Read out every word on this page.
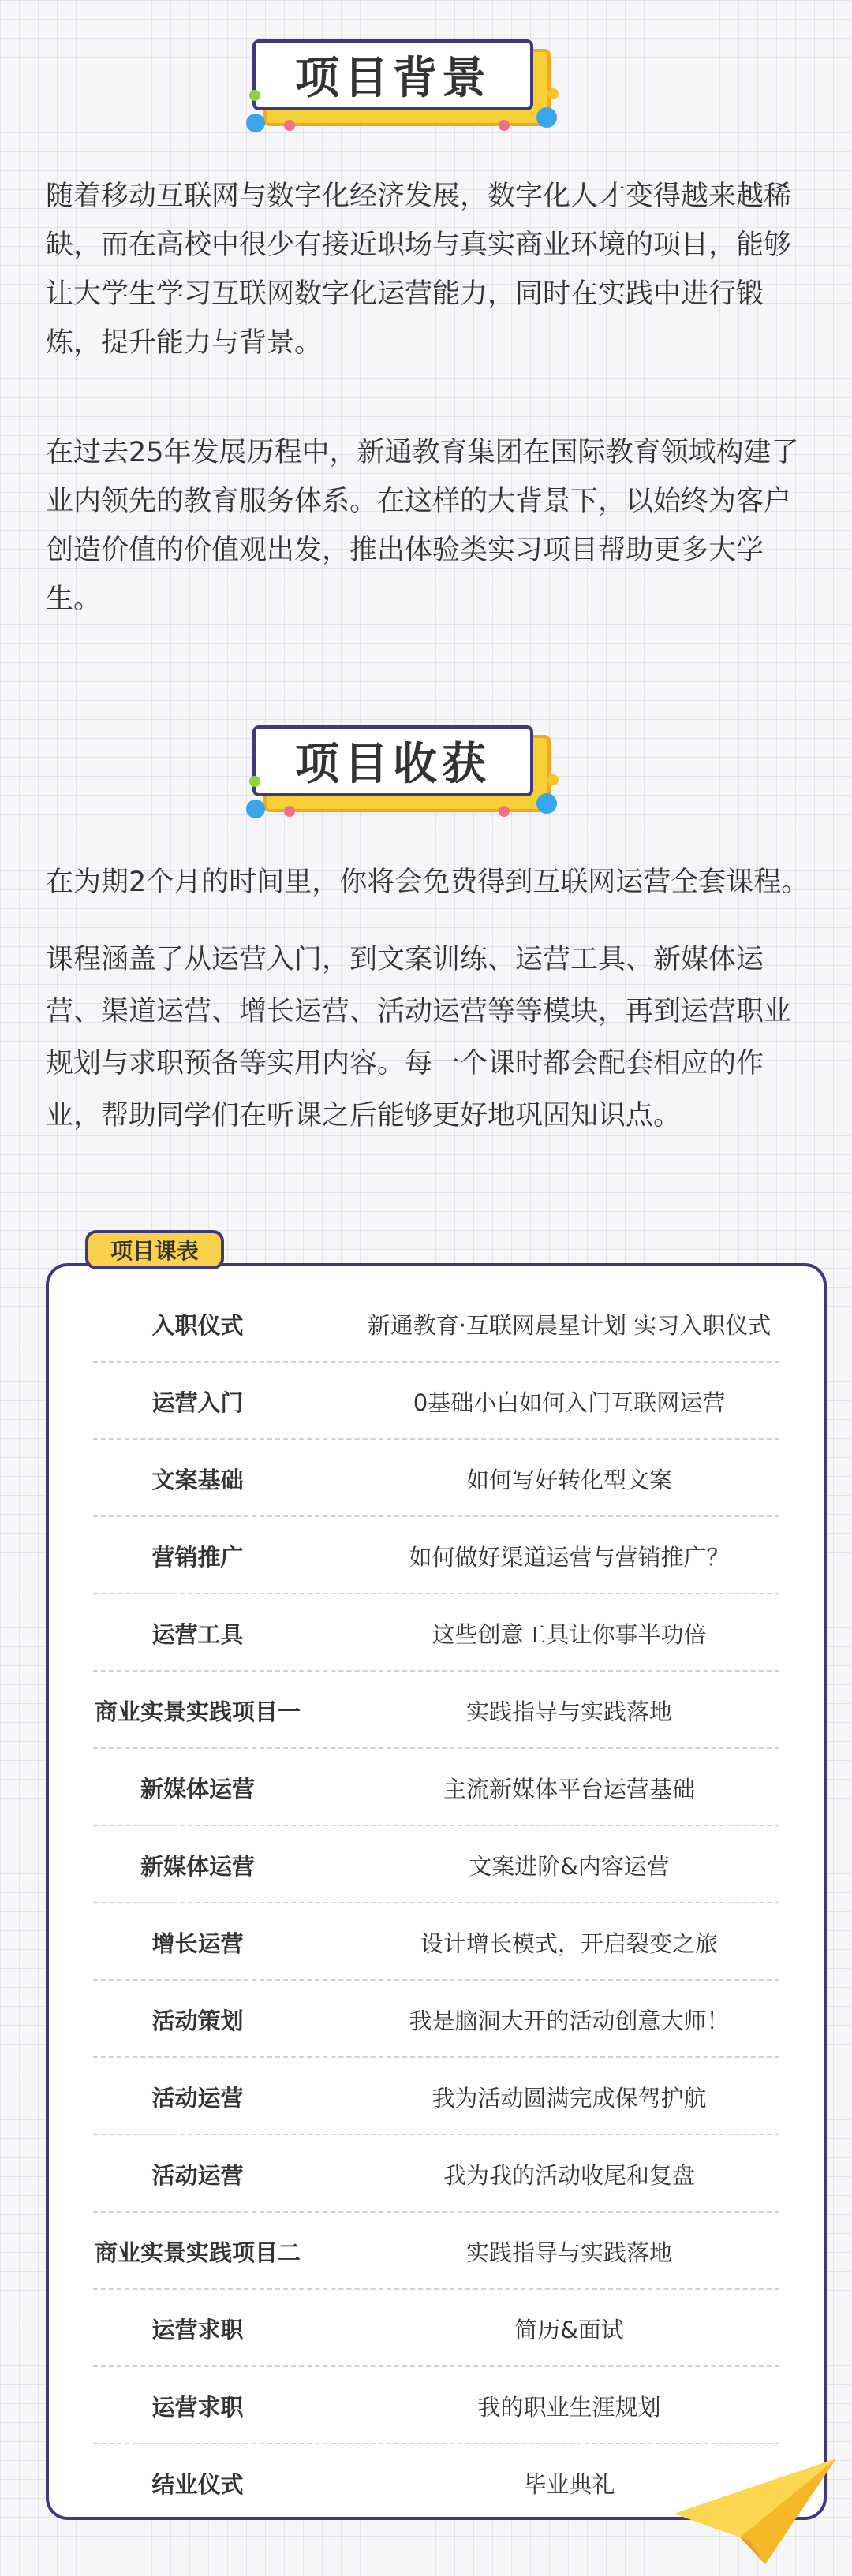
项目背景

随着移动互联网与数字化经济发展，数字化人才变得越来越稀缺，而在高校中很少有接近职场与真实商业环境的项目，能够让大学生学习互联网数字化运营能力，同时在实践中进行锻炼，提升能力与背景。

在过去25年发展历程中，新通教育集团在国际教育领域构建了业内领先的教育服务体系。在这样的大背景下，以始终为客户创造价值的价值观出发，推出体验类实习项目帮助更多大学生。

项目收获

在为期2个月的时间里，你将会免费得到互联网运营全套课程。

课程涵盖了从运营入门，到文案训练、运营工具、新媒体运营、渠道运营、增长运营、活动运营等等模块，再到运营职业规划与求职预备等实用内容。每一个课时都会配套相应的作业，帮助同学们在听课之后能够更好地巩固知识点。

入职仪式	新通教育·互联网晨星计划 实习入职仪式
运营入门	0基础小白如何入门互联网运营
文案基础	如何写好转化型文案
营销推广	如何做好渠道运营与营销推广？
运营工具	这些创意工具让你事半功倍
商业实景实践项目一	实践指导与实践落地
新媒体运营	主流新媒体平台运营基础
新媒体运营	文案进阶&内容运营
增长运营	设计增长模式，开启裂变之旅
活动策划	我是脑洞大开的活动创意大师！
活动运营	我为活动圆满完成保驾护航
活动运营	我为我的活动收尾和复盘
商业实景实践项目二	实践指导与实践落地
运营求职	简历&面试
运营求职	我的职业生涯规划
结业仪式	毕业典礼
项目课表
